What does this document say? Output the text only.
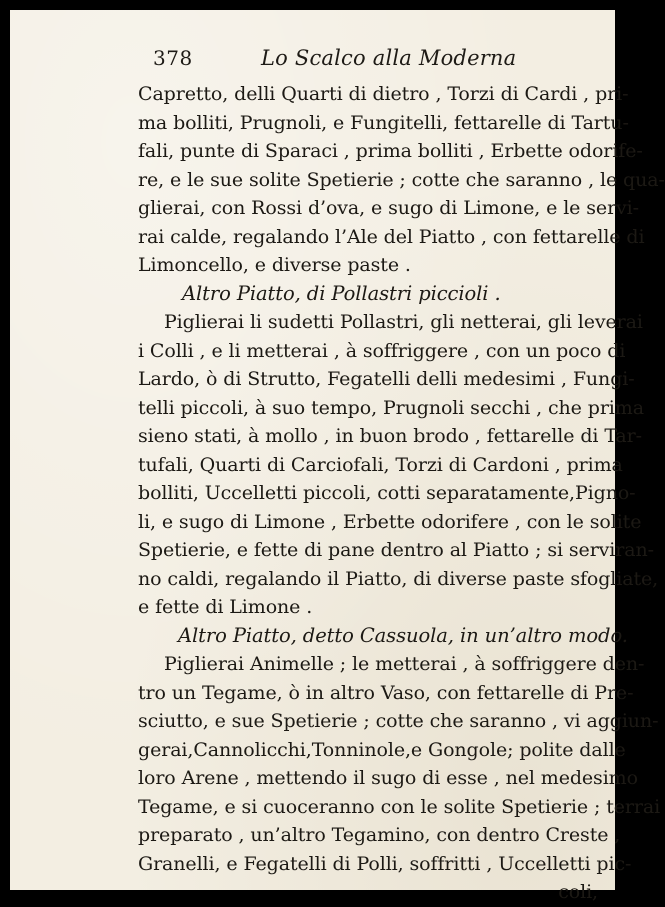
378	Lo Scalco alla Moderna
Capretto, delli Quarti di dietro , Torzi di Cardi , pri-
ma bolliti, Prugnoli, e Fungitelli, fettarelle di Tartu-
fali, punte di Sparaci , prima bolliti , Erbette odorife-
re, e le sue solite Spetierie ; cotte che saranno , le qua-
glierai, con Rossi d’ova, e sugo di Limone, e le servi-
rai calde, regalando l’Ale del Piatto , con fettarelle di
Limoncello, e diverse paste .
Altro Piatto, di Pollastri piccioli .
Piglierai li sudetti Pollastri, gli netterai, gli leverai
i Colli , e li metterai , à soffriggere , con un poco di
Lardo, ò di Strutto, Fegatelli delli medesimi , Fungi-
telli piccoli, à suo tempo, Prugnoli secchi , che prima
sieno stati, à mollo , in buon brodo , fettarelle di Tar-
tufali, Quarti di Carciofali, Torzi di Cardoni , prima
bolliti, Uccelletti piccoli, cotti separatamente,Pigno-
li, e sugo di Limone , Erbette odorifere , con le solite
Spetierie, e fette di pane dentro al Piatto ; si serviran-
no caldi, regalando il Piatto, di diverse paste sfogliate,
e fette di Limone .
Altro Piatto, detto Cassuola, in un’altro modo.
Piglierai Animelle ; le metterai , à soffriggere den-
tro un Tegame, ò in altro Vaso, con fettarelle di Pre-
sciutto, e sue Spetierie ; cotte che saranno , vi aggiun-
gerai,Cannolicchi,Tonninole,e Gongole; polite dalle
loro Arene , mettendo il sugo di esse , nel medesimo
Tegame, e si cuoceranno con le solite Spetierie ; terrai
preparato , un’altro Tegamino, con dentro Creste ,
Granelli, e Fegatelli di Polli, soffritti , Uccelletti pic-
coli,
